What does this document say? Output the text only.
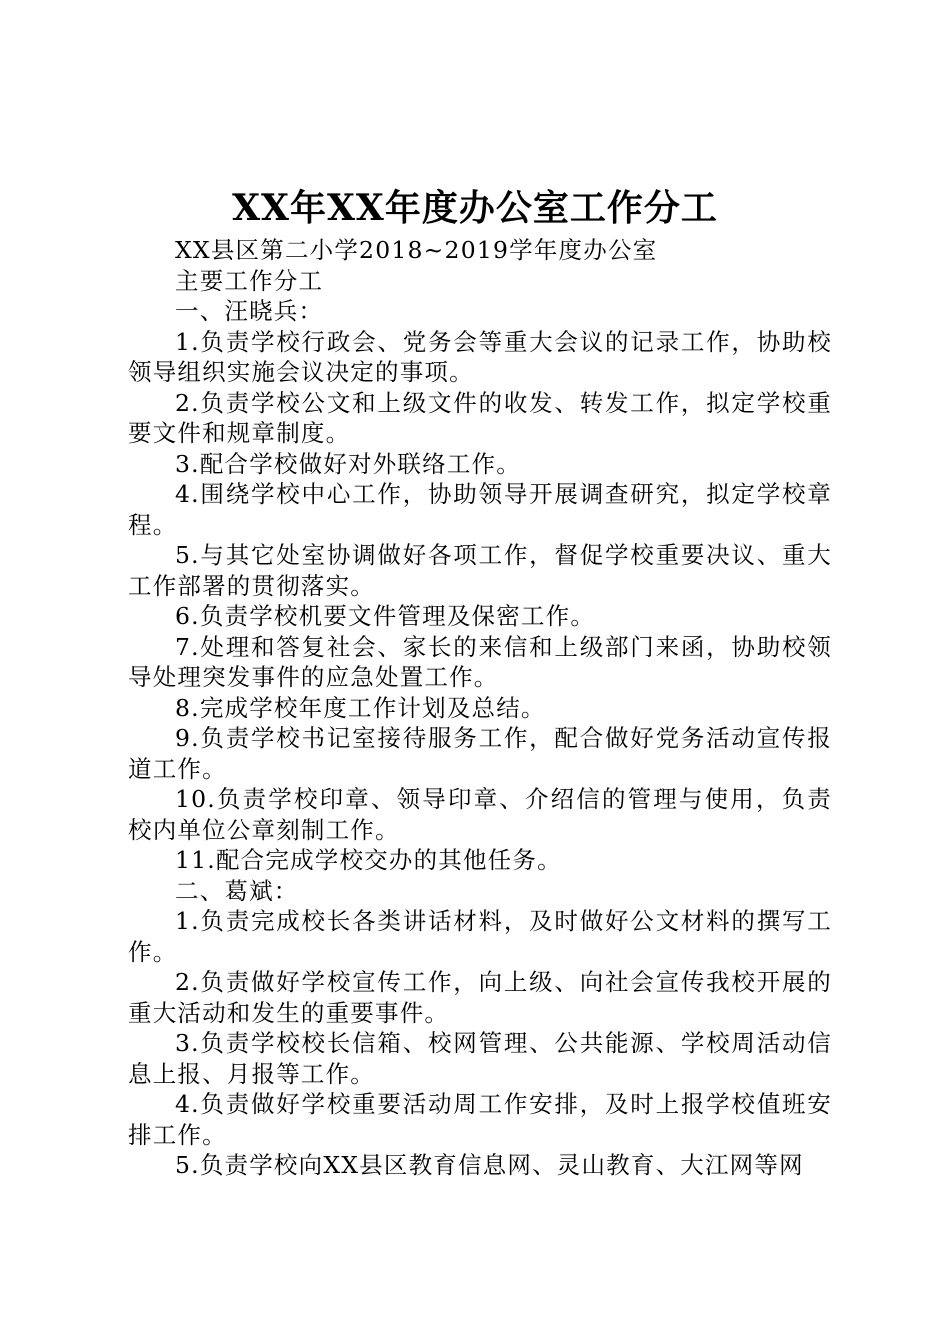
XX年XX年度办公室工作分工

XX县区第二小学2018~2019学年度办公室

主要工作分工

一、汪晓兵：

1.负责学校行政会、党务会等重大会议的记录工作，协助校领导组织实施会议决定的事项。

2.负责学校公文和上级文件的收发、转发工作，拟定学校重要文件和规章制度。

3.配合学校做好对外联络工作。

4.围绕学校中心工作，协助领导开展调查研究，拟定学校章程。

5.与其它处室协调做好各项工作，督促学校重要决议、重大工作部署的贯彻落实。

6.负责学校机要文件管理及保密工作。

7.处理和答复社会、家长的来信和上级部门来函，协助校领导处理突发事件的应急处置工作。

8.完成学校年度工作计划及总结。

9.负责学校书记室接待服务工作，配合做好党务活动宣传报道工作。

10.负责学校印章、领导印章、介绍信的管理与使用，负责校内单位公章刻制工作。

11.配合完成学校交办的其他任务。

二、葛斌：

1.负责完成校长各类讲话材料，及时做好公文材料的撰写工作。

2.负责做好学校宣传工作，向上级、向社会宣传我校开展的重大活动和发生的重要事件。

3.负责学校校长信箱、校网管理、公共能源、学校周活动信息上报、月报等工作。

4.负责做好学校重要活动周工作安排，及时上报学校值班安排工作。

5.负责学校向XX县区教育信息网、灵山教育、大江网等网
